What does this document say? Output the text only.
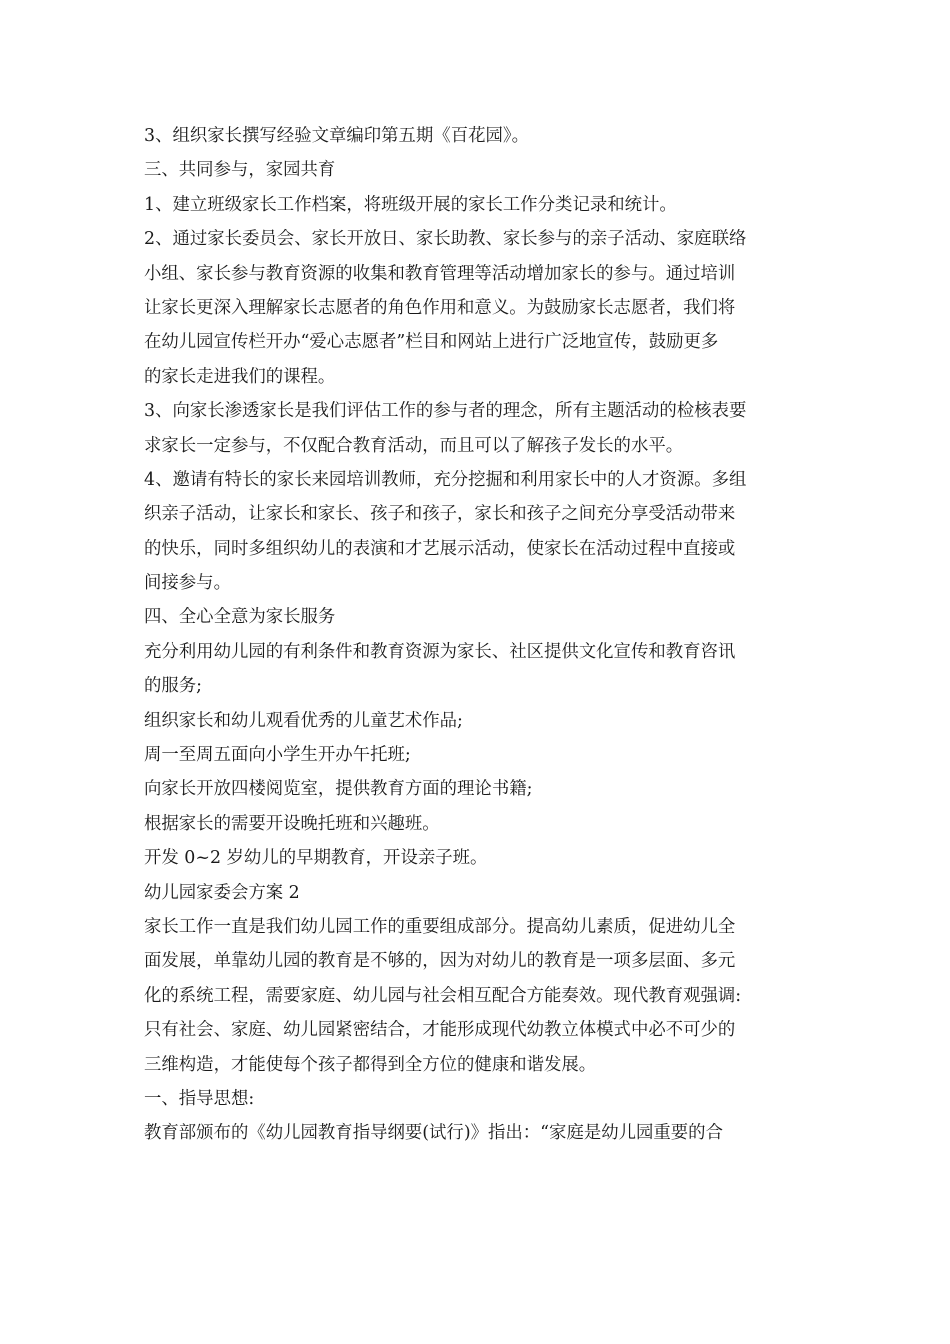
3、组织家长撰写经验文章编印第五期《百花园》。
三、共同参与，家园共育
1、建立班级家长工作档案，将班级开展的家长工作分类记录和统计。
2、通过家长委员会、家长开放日、家长助教、家长参与的亲子活动、家庭联络
小组、家长参与教育资源的收集和教育管理等活动增加家长的参与。通过培训
让家长更深入理解家长志愿者的角色作用和意义。为鼓励家长志愿者，我们将
在幼儿园宣传栏开办“爱心志愿者”栏目和网站上进行广泛地宣传，鼓励更多
的家长走进我们的课程。
3、向家长渗透家长是我们评估工作的参与者的理念，所有主题活动的检核表要
求家长一定参与，不仅配合教育活动，而且可以了解孩子发长的水平。
4、邀请有特长的家长来园培训教师，充分挖掘和利用家长中的人才资源。多组
织亲子活动，让家长和家长、孩子和孩子，家长和孩子之间充分享受活动带来
的快乐，同时多组织幼儿的表演和才艺展示活动，使家长在活动过程中直接或
间接参与。
四、全心全意为家长服务
充分利用幼儿园的有利条件和教育资源为家长、社区提供文化宣传和教育咨讯
的服务;
组织家长和幼儿观看优秀的儿童艺术作品;
周一至周五面向小学生开办午托班;
向家长开放四楼阅览室，提供教育方面的理论书籍;
根据家长的需要开设晚托班和兴趣班。
开发 0~2 岁幼儿的早期教育，开设亲子班。
幼儿园家委会方案 2
家长工作一直是我们幼儿园工作的重要组成部分。提高幼儿素质，促进幼儿全
面发展，单靠幼儿园的教育是不够的，因为对幼儿的教育是一项多层面、多元
化的系统工程，需要家庭、幼儿园与社会相互配合方能奏效。现代教育观强调:
只有社会、家庭、幼儿园紧密结合，才能形成现代幼教立体模式中必不可少的
三维构造，才能使每个孩子都得到全方位的健康和谐发展。
一、指导思想:
教育部颁布的《幼儿园教育指导纲要(试行)》指出：“家庭是幼儿园重要的合
